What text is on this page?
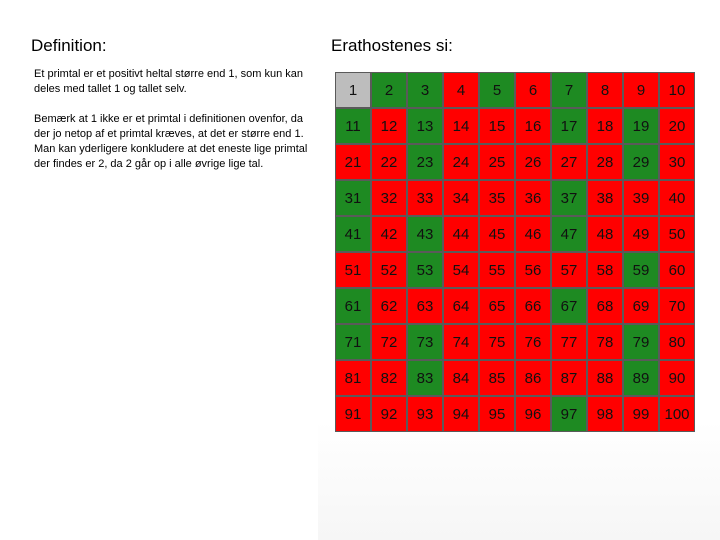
Definition:	Erathostenes si:

Et primtal er et positivt heltal større end 1, som kun kan deles med tallet 1 og tallet selv.

Bemærk at 1 ikke er et primtal i definitionen ovenfor, da der jo netop af et primtal kræves, at det er større end 1. Man kan yderligere konkludere at det eneste lige primtal der findes er 2, da 2 går op i alle øvrige lige tal.

1	2	3	4	5	6	7	8	9	10
11	12	13	14	15	16	17	18	19	20
21	22	23	24	25	26	27	28	29	30
31	32	33	34	35	36	37	38	39	40
41	42	43	44	45	46	47	48	49	50
51	52	53	54	55	56	57	58	59	60
61	62	63	64	65	66	67	68	69	70
71	72	73	74	75	76	77	78	79	80
81	82	83	84	85	86	87	88	89	90
91	92	93	94	95	96	97	98	99	100
